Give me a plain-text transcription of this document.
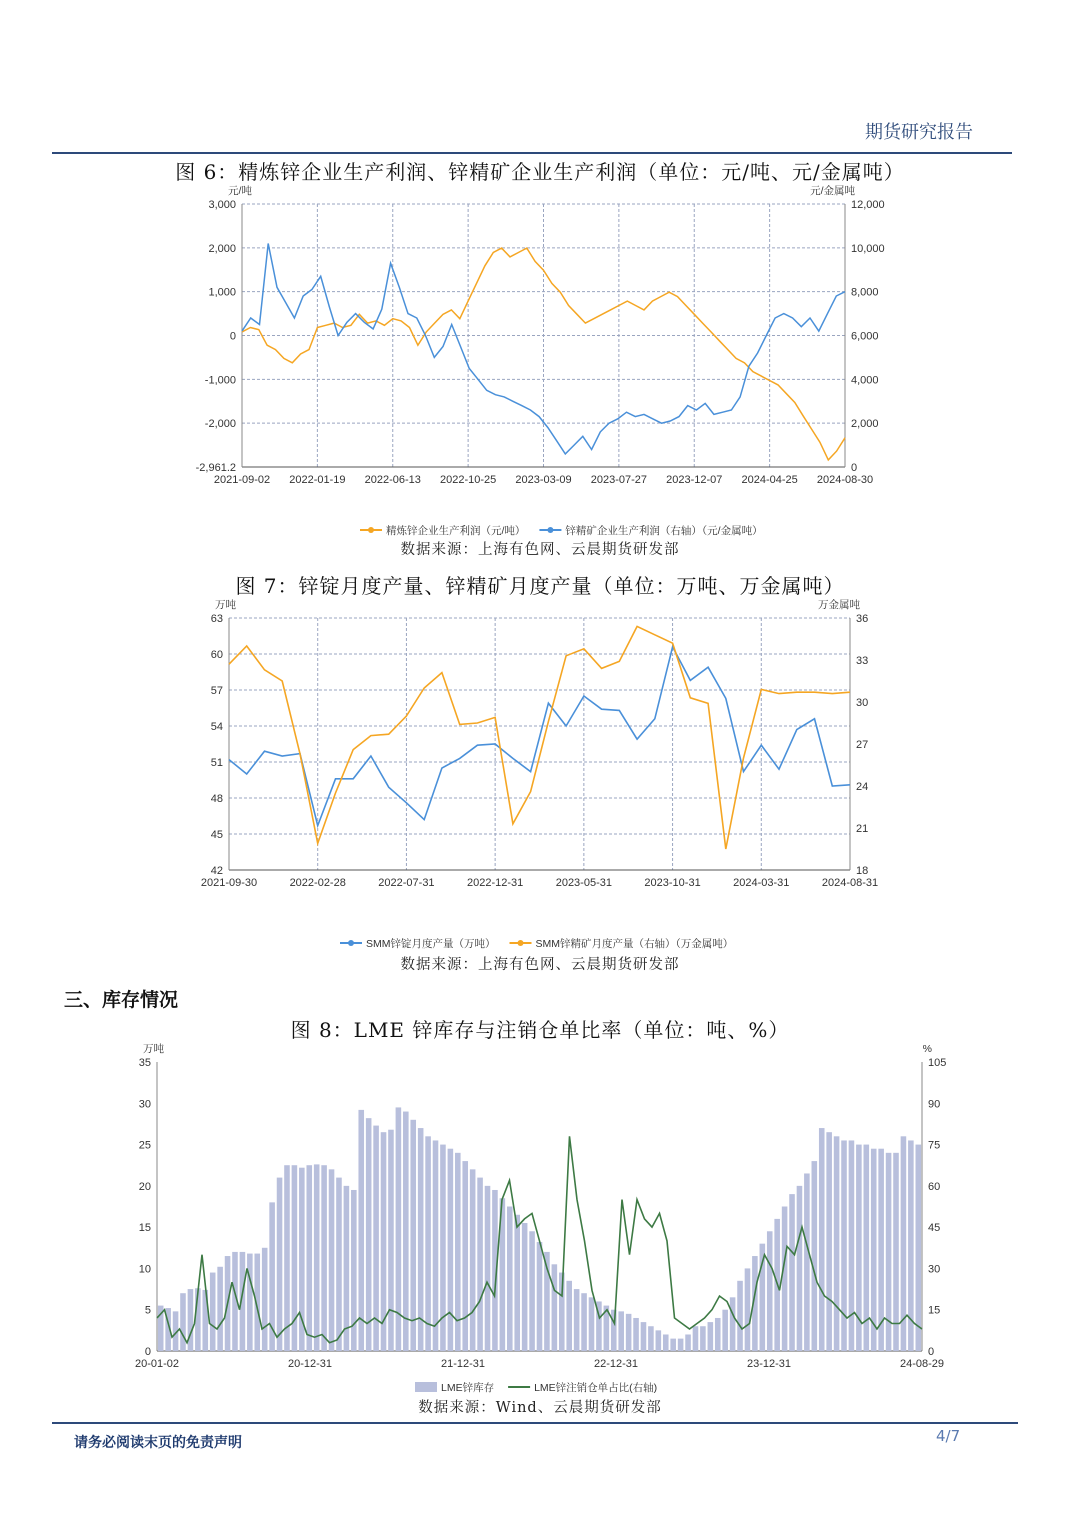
期货研究报告
图 6：精炼锌企业生产利润、锌精矿企业生产利润（单位：元/吨、元/金属吨）
元/吨	元/金属吨
3,000
2,000
1,000
0
-1,000
-2,000
-2,961.2
12,000
10,000
8,000
6,000
4,000
2,000
0
2021-09-02 2022-01-19 2022-06-13 2022-10-25 2023-03-09 2023-07-27 2023-12-07 2024-04-25 2024-08-30
精炼锌企业生产利润（元/吨）	锌精矿企业生产利润（右轴）（元/金属吨）
数据来源：上海有色网、云晨期货研发部
图 7：锌锭月度产量、锌精矿月度产量（单位：万吨、万金属吨）
万吨	万金属吨
63
60
57
54
51
48
45
42
36
33
30
27
24
21
18
2021-09-30	2022-02-28	2022-07-31	2022-12-31	2023-05-31	2023-10-31	2024-03-31	2024-08-31
SMM锌锭月度产量（万吨）	SMM锌精矿月度产量（右轴）（万金属吨）
数据来源：上海有色网、云晨期货研发部
三、库存情况
图 8：LME 锌库存与注销仓单比率（单位：吨、%）
万吨	%
35
30
25
20
15
10
5
0
105
90
75
60
45
30
15
0
20-01-02	20-12-31	21-12-31	22-12-31	23-12-31	24-08-29
LME锌库存	LME锌注销仓单占比(右轴)
数据来源：Wind、云晨期货研发部
请务必阅读末页的免责声明	4/7
